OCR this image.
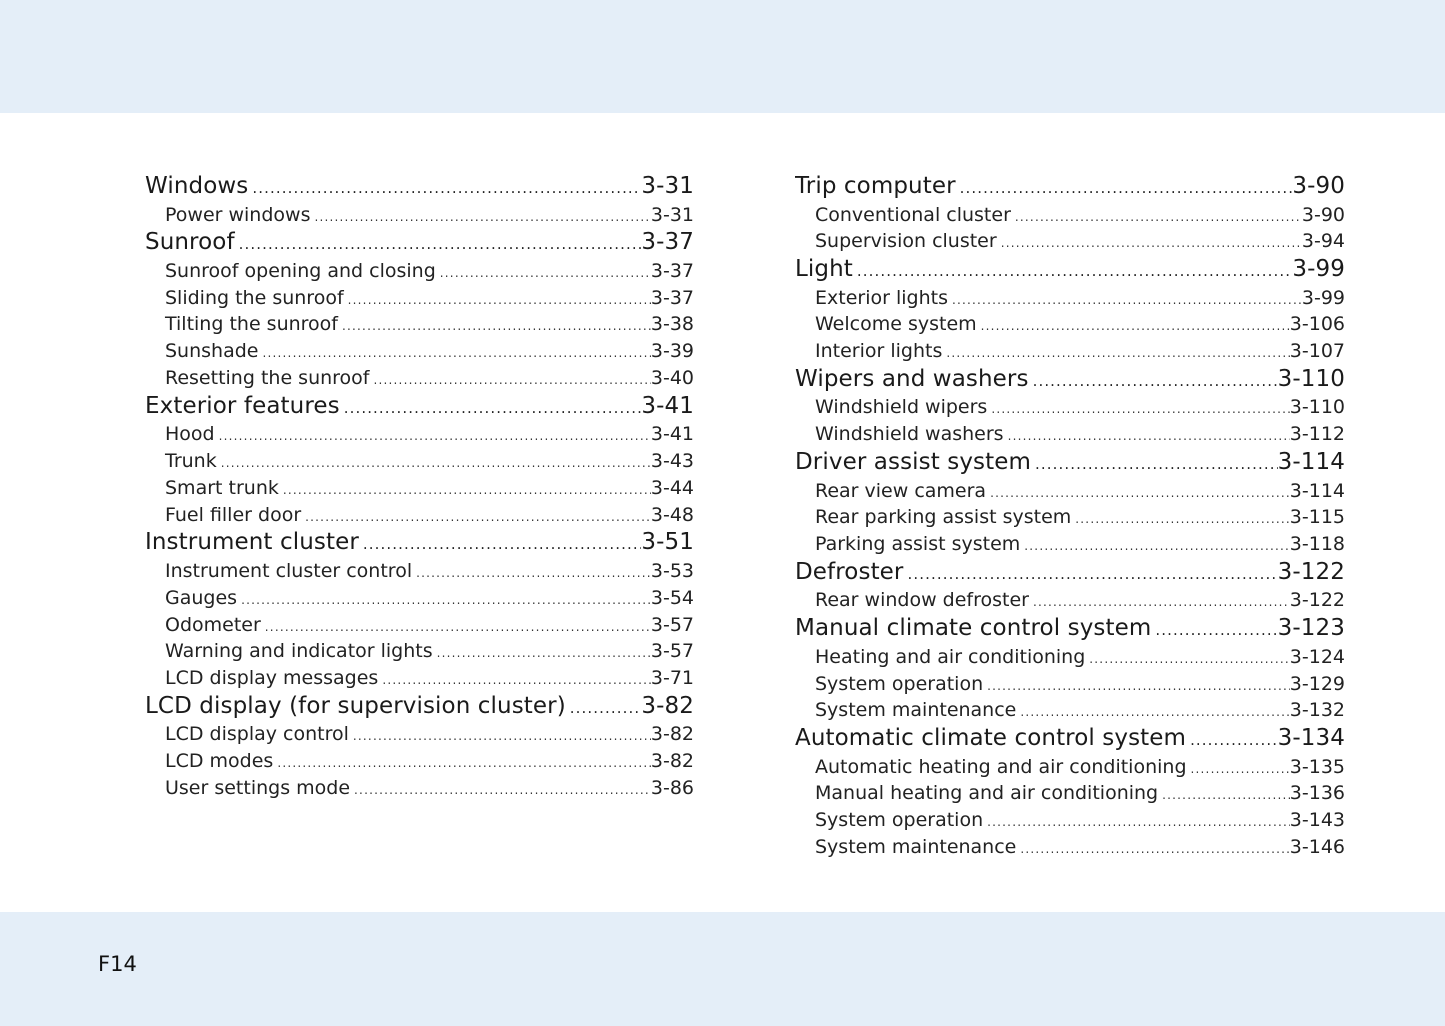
Windows .....	3-31
Power windows .....	3-31
Sunroof .....	3-37
Sunroof opening and closing .....	3-37
Sliding the sunroof .....	3-37
Tilting the sunroof .....	3-38
Sunshade .....	3-39
Resetting the sunroof .....	3-40
Exterior features .....	3-41
Hood .....	3-41
Trunk .....	3-43
Smart trunk .....	3-44
Fuel filler door .....	3-48
Instrument cluster .....	3-51
Instrument cluster control .....	3-53
Gauges .....	3-54
Odometer .....	3-57
Warning and indicator lights .....	3-57
LCD display messages .....	3-71
LCD display (for supervision cluster) .....	3-82
LCD display control .....	3-82
LCD modes .....	3-82
User settings mode .....	3-86
Trip computer .....	3-90
Conventional cluster .....	3-90
Supervision cluster .....	3-94
Light .....	3-99
Exterior lights .....	3-99
Welcome system .....	3-106
Interior lights .....	3-107
Wipers and washers .....	3-110
Windshield wipers .....	3-110
Windshield washers .....	3-112
Driver assist system .....	3-114
Rear view camera .....	3-114
Rear parking assist system .....	3-115
Parking assist system .....	3-118
Defroster .....	3-122
Rear window defroster .....	3-122
Manual climate control system .....	3-123
Heating and air conditioning .....	3-124
System operation .....	3-129
System maintenance .....	3-132
Automatic climate control system .....	3-134
Automatic heating and air conditioning .....	3-135
Manual heating and air conditioning .....	3-136
System operation .....	3-143
System maintenance .....	3-146
F14
